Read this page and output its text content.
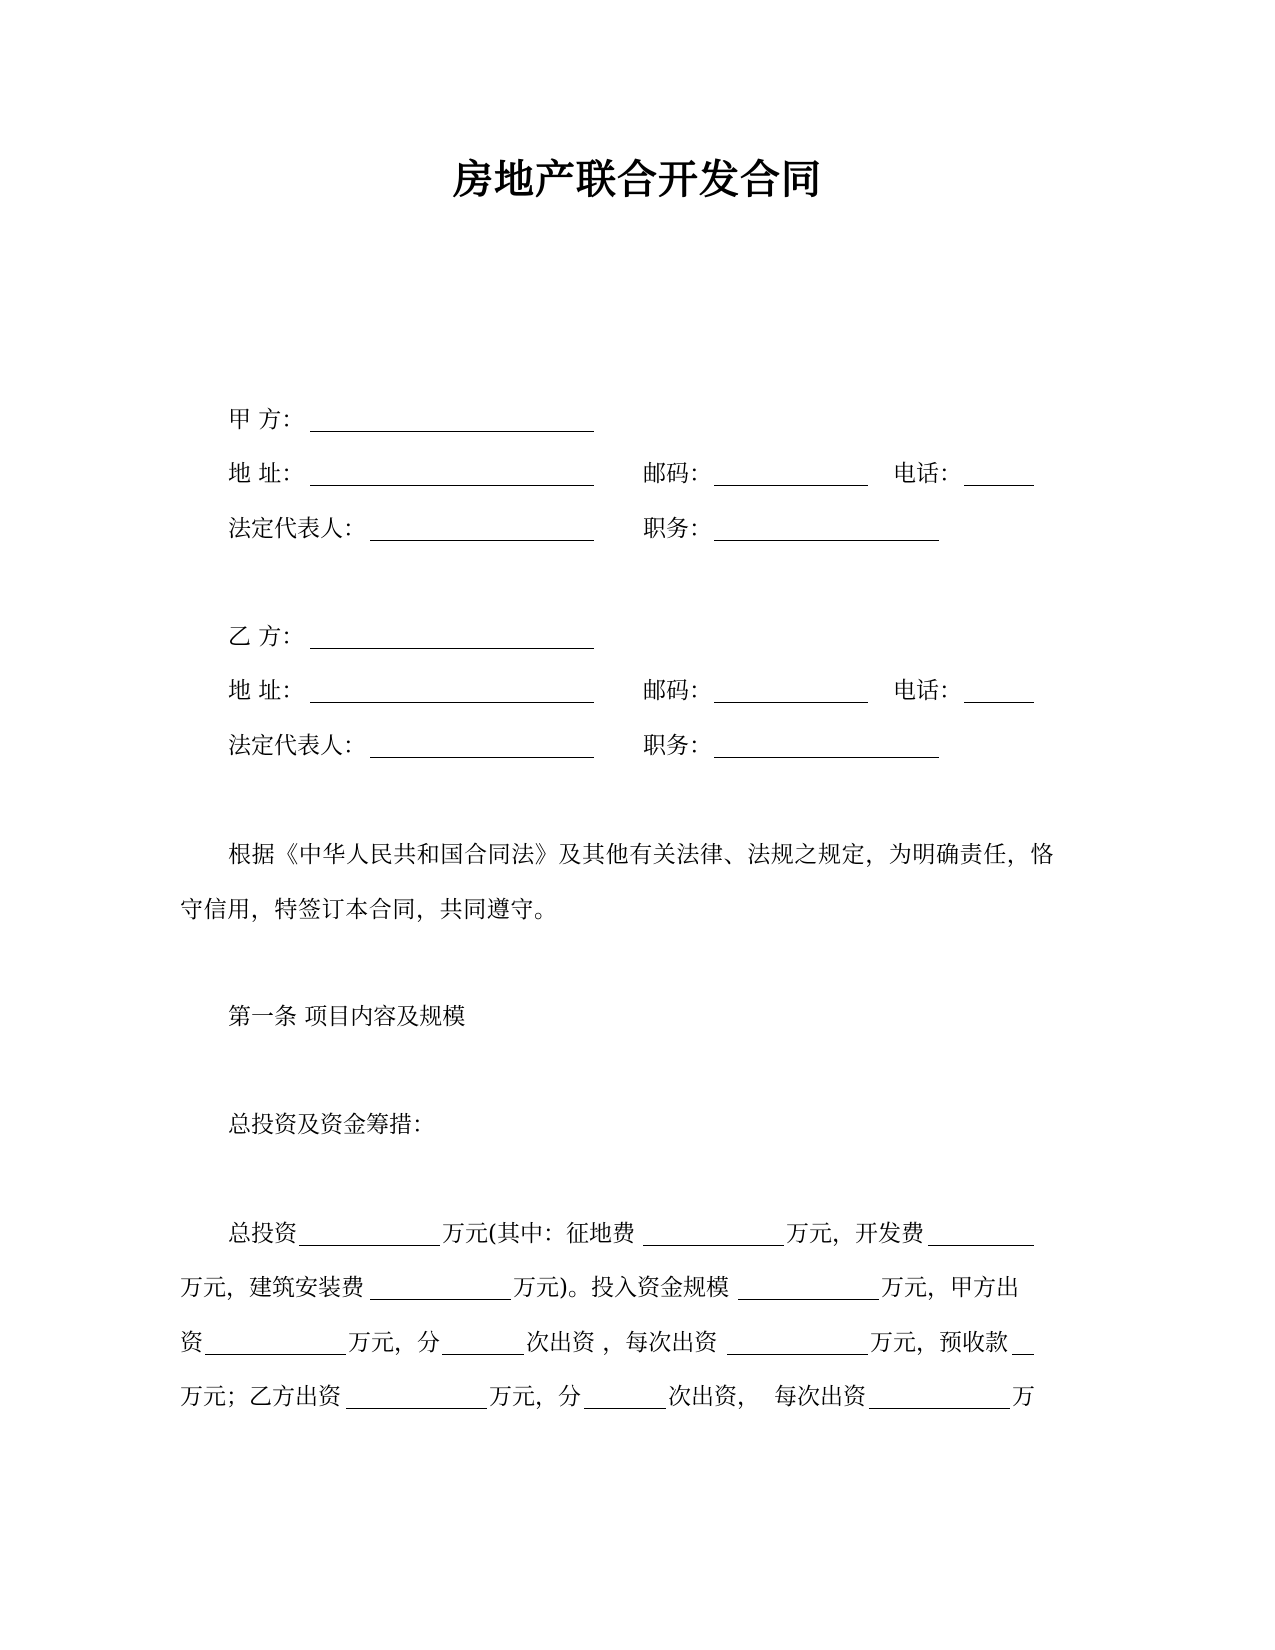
房地产联合开发合同
甲 方：
地 址：	邮码：	电话：
法定代表人：	职务：
乙 方：
地 址：	邮码：	电话：
法定代表人：	职务：
根据《中华人民共和国合同法》及其他有关法律、法规之规定，为明确责任，恪
守信用，特签订本合同，共同遵守。
第一条 项目内容及规模
总投资及资金筹措：
总投资	万元(其中：征地费	万元，开发费
万元，建筑安装费	万元)。投入资金规模	万元，甲方出
资	万元，分	次出资 ，每次出资	万元，预收款
万元；乙方出资	万元，分	次出资， 每次出资	万
